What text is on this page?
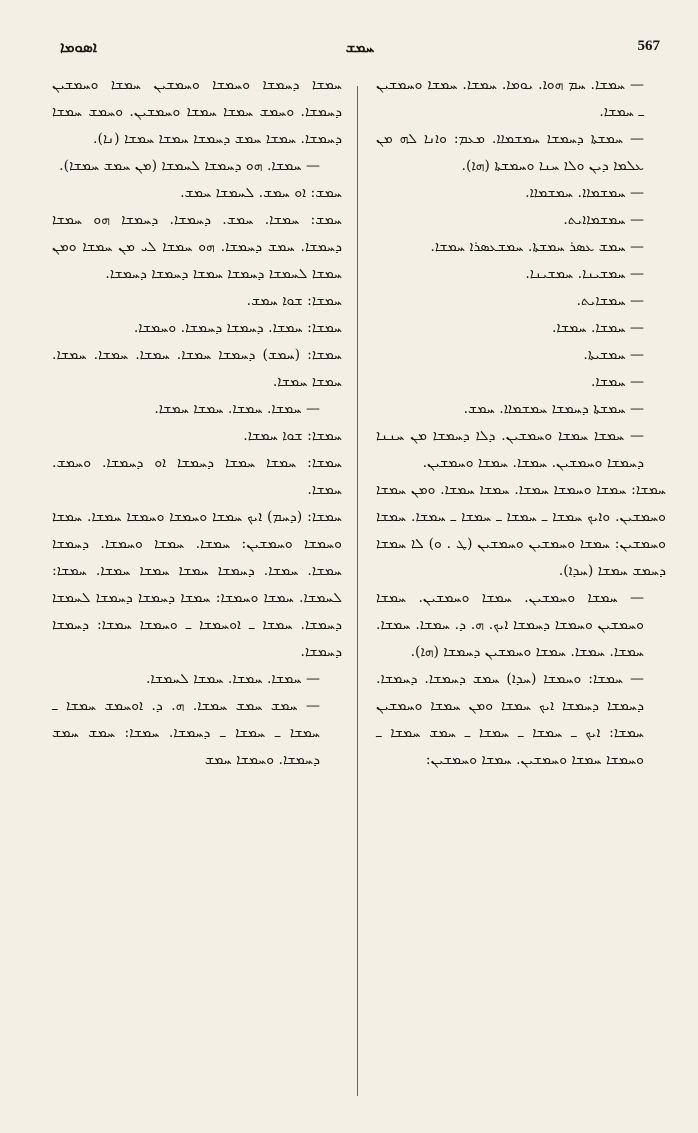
ܐܣܘܡܐ	ܚܡܫ	567
ܚܡܫܐ ܕܚܡܫܐ ܘܚܡܫܐ ܘܚܡܫܝܢ ܚܡܫܐ ܘܚܡܫܝܢ ܕܚܡܫܐ. ܘܚܡܫ ܚܡܫܐ ܚܡܫܐ ܘܚܡܫܝܢ. ܘܚܡܫ ܚܡܫܐ ܕܚܡܫܐ. ܚܡܫܐ ܚܡܫ ܕܚܡܫܐ ܚܡܫܐ ܚܡܫܐ (ܢܐ).
— ܚܡܫܐ. ܗܘ ܕܚܡܫܐ ܠܚܡܫܐ (ܡܢ ܚܡܫ ܚܡܫܐ).
ܚܡܫ: ܐܘ ܚܡܫ. ܠܚܡܫܐ ܚܡܫ.
ܚܡܫ: ܚܡܫܐ. ܚܡܫ. ܕܚܡܫܐ. ܕܚܡܫܐ ܗܘ ܚܡܫܐ ܕܚܡܫܐ. ܚܡܫ ܕܚܡܫܐ. ܗܘ ܚܡܫܐ ܠܝ ܡܢ ܚܡܫܐ ܘܡܢ ܚܡܫܐ ܠܚܡܫܐ ܕܚܡܫܐ ܚܡܫܐ ܕܚܡܫܐ ܕܚܡܫܐ.
ܚܡܫܐ: ܫܘܐ ܚܡܫ.
ܚܡܫܐ: ܚܡܫܐ. ܕܚܡܫܐ ܕܚܡܫܐ. ܘܚܡܫܐ.
ܚܡܫܐ: (ܚܡܫ) ܕܚܡܫܐ ܚܡܫܐ. ܚܡܫܐ. ܚܡܫܐ. ܚܡܫܐ. ܚܡܫܐ ܚܡܫܐ.
— ܚܡܫܐ. ܚܡܫܐ. ܚܡܫܐ ܚܡܫܐ.
ܚܡܫܐ: ܫܘܐ ܚܡܫܐ.
ܚܡܫܐ: ܚܡܫܐ ܚܡܫܐ ܕܚܡܫܐ ܐܘ ܕܚܡܫܐ. ܘܚܡܫ. ܚܡܫܐ.
ܚܡܫܐ: (ܕܚܡ) ܐܝܟ ܚܡܫܐ ܘܚܡܫܐ ܘܚܡܫܐ ܚܡܫܐ. ܚܡܫܐ ܘܚܡܫܐ ܘܚܡܫܝܢ: ܚܡܫܐ. ܚܡܫܐ ܘܚܡܫܐ. ܕܚܡܫܐ ܚܡܫܐ. ܚܡܫܐ. ܕܚܡܫܐ ܚܡܫܐ ܚܡܫܐ ܚܡܫܐ. ܚܡܫܐ: ܠܚܡܫܐ. ܚܡܫܐ ܘܚܡܫܐ: ܚܡܫܐ ܕܚܡܫܐ ܕܚܡܫܐ ܠܚܡܫܐ ܕܚܡܫܐ. ܚܡܫܐ ـ ܐܘܚܡܫܐ ـ ܘܚܡܫܐ ܚܡܫܐ: ܕܚܡܫܐ ܕܚܡܫܐ.
— ܚܡܫܐ. ܚܡܫܐ. ܚܡܫܐ ܠܚܡܫܐ.
— ܚܡܫ ܚܡܫ ܚܡܫܐ. ܗ. ܕ. ܐܘܚܡܫ ܚܡܫܐ ـ ܚܡܫܐ ـ ܚܡܫܐ ـ ܕܚܡܫܐ. ܚܡܫܐ: ܚܡܫ ܚܡܫ ܕܚܡܫܐ. ܘܚܡܫܐ ܚܡܫ
— ܚܡܫܐ. ܚܡ ܗܘܐ. ܝܘܡܐ. ܚܡܫܐ. ܚܡܫܐ ܘܚܡܫܝܢ ـ ܚܡܫܐ.
— ܚܡܫܬܐ ܕܚܡܫܐ ܚܡܫܡܐܐ. ܡܥܡ: ܘܐܢܐ ܠܗ ܡܢ ܥܠܡܐ ܕܝܢ ܘܠܐ ܚܢܐ ܘܚܡܫܬܐ (ܗܐ).
— ܚܡܫܡܐܐ. ܚܡܫܡܐܐ.
— ܚܡܫܡܐܐܝܬ.
— ܚܡܫ ܥܣܪ ܚܡܫܬܐ. ܚܡܫܥܣܪܐ ܚܡܫܐ.
— ܚܡܫܝܢܐ. ܚܡܫܝܢܐ.
— ܚܡܫܐܝܬ.
— ܚܡܫܐ. ܚܡܫܐ.
— ܚܡܫܝܬܐ.
— ܚܡܫܐ.
— ܚܡܫܬܐ ܕܚܡܫܐ ܚܡܫܡܐܐ. ܚܡܫ.
— ܚܡܫܐ ܚܡܫܐ ܘܚܡܫܝܢ. ܕܠܐ ܕܚܡܫܐ ܡܢ ܚܢܢܐ ܕܚܡܫܐ ܘܚܡܫܝܢ. ܚܡܫܐ. ܚܡܫܐ ܘܚܡܫܝܢ.
ܚܡܫܐ: ܚܡܫܐ ܘܚܡܫܐ ܚܡܫܐ. ܚܡܫܐ ܚܡܫܐ. ܘܡܢ ܚܡܫܐ ܘܚܡܫܝܢ. ܘܐܝܟ ܚܡܫܐ ـ ܚܡܫܐ ـ ܚܡܫܐ ـ ܚܡܫܐ. ܚܡܫܐ ܘܚܡܫܝܢ: ܚܡܫܐ ܘܚܡܫܝܢ ܘܚܡܫܝܢ (ܛ . ܘ) ܠܐ ܚܡܫܐ ܕܚܡܫ ܚܡܫܐ (ܚܕܐ).
— ܚܡܫܐ ܘܚܡܫܝܢ. ܚܡܫܐ ܘܚܡܫܝܢ. ܚܡܫܐ ܘܚܡܫܝܢ ܘܚܡܫܐ ܕܚܡܫܐ ܐܝܟ. ܗ. ܕ. ܚܡܫܐ. ܚܡܫܐ. ܚܡܫܐ. ܚܡܫܐ. ܚܡܫܐ ܘܚܡܫܝܢ ܕܚܡܫܐ (ܗܐ).
— ܚܡܫܐ: ܘܚܡܫܐ (ܚܕܐ) ܚܡܫ ܕܚܡܫܐ. ܕܚܡܫܐ. ܕܚܡܫܐ ܕܚܡܫܐ ܐܝܟ ܚܡܫܐ ܘܡܢ ܚܡܫܐ ܘܚܡܫܝܢ ܚܡܫܐ: ܐܝܟ ـ ܚܡܫܐ ـ ܚܡܫܐ ـ ܚܡܫ ܚܡܫܐ ـ ܘܚܡܫܐ ܚܡܫܐ ܘܚܡܫܝܢ. ܚܡܫܐ ܘܚܡܫܝܢ:
